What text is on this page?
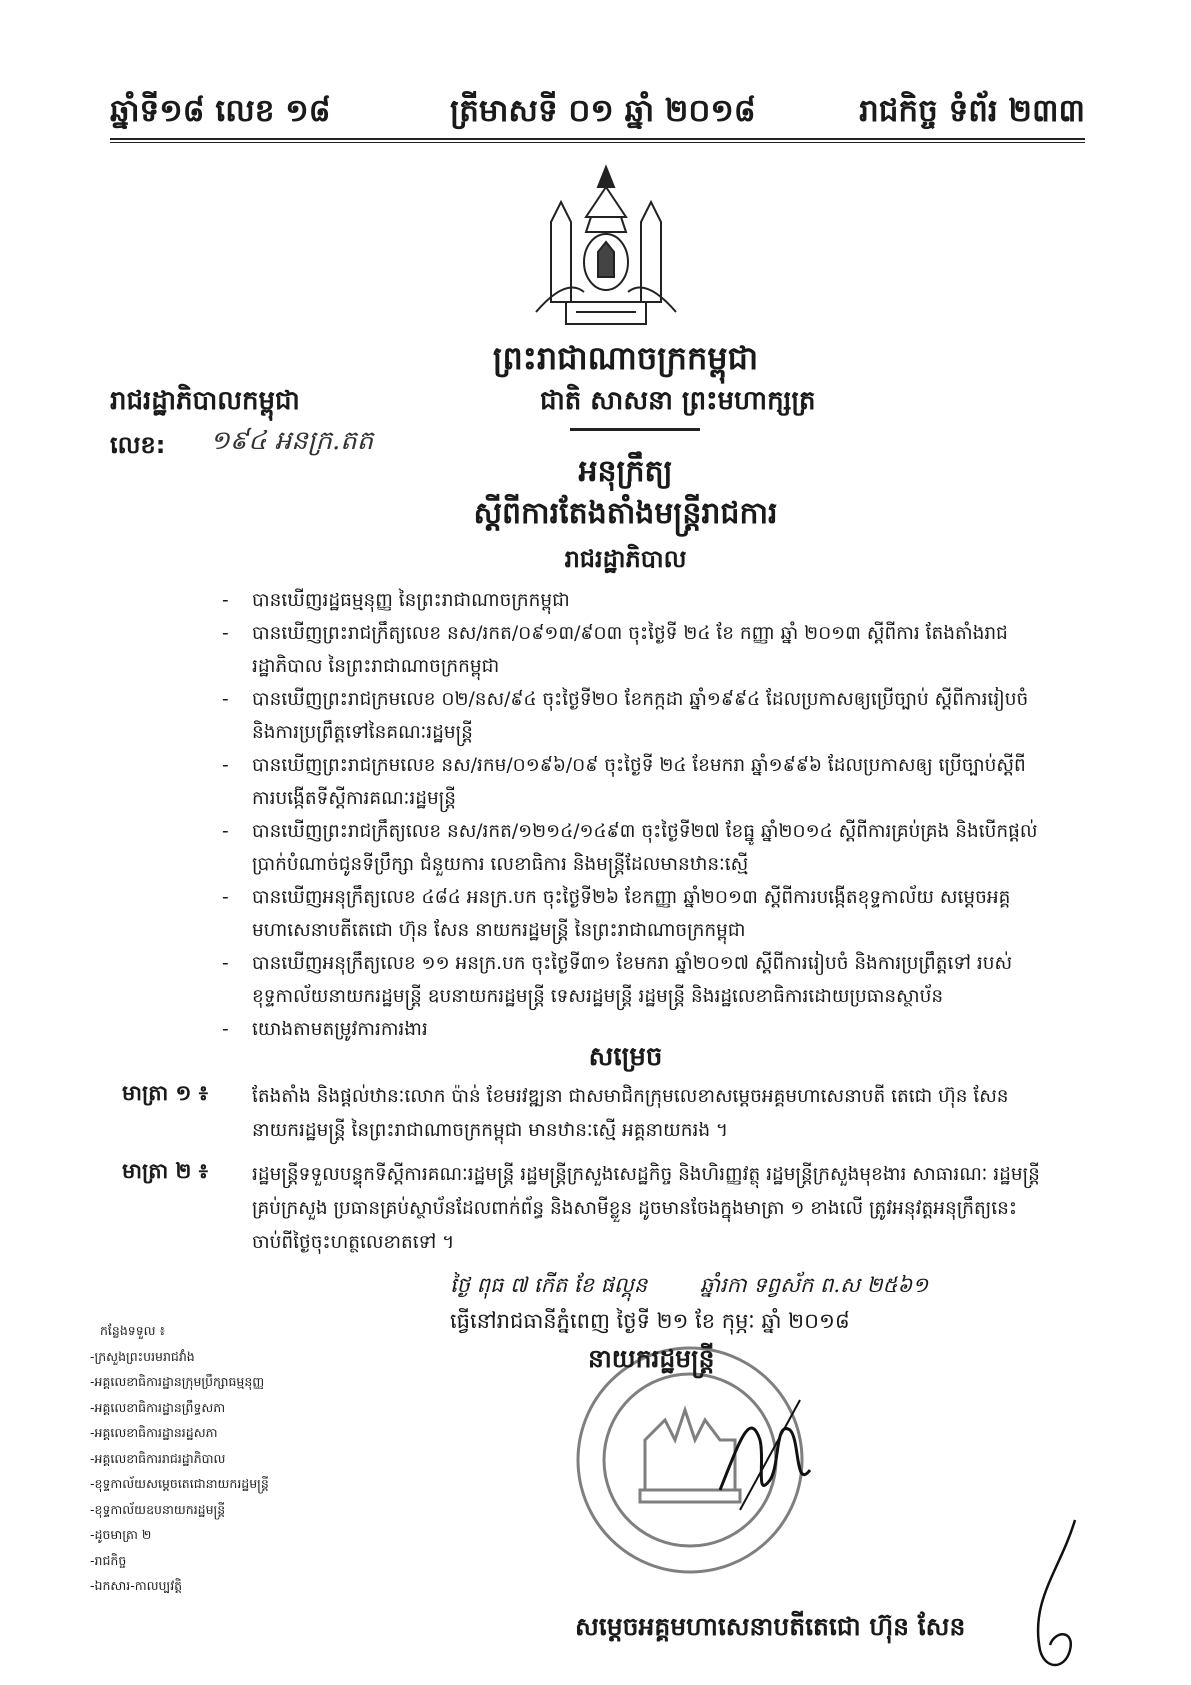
ឆ្នាំទី១៨ លេខ ១៨	ត្រីមាសទី ០១ ឆ្នាំ ២០១៨	រាជកិច្ច ទំព័រ ២៣៣
ព្រះរាជាណាចក្រកម្ពុជា
រាជរដ្ឋាភិបាលកម្ពុជា	ជាតិ សាសនា ព្រះមហាក្សត្រ
លេខ: ១៩៤ អនក្រ.តត
អនុក្រឹត្យ
ស្តីពីការតែងតាំងមន្ត្រីរាជការ
រាជរដ្ឋាភិបាល
- បានឃើញរដ្ឋធម្មនុញ្ញ នៃព្រះរាជាណាចក្រកម្ពុជា
- បានឃើញព្រះរាជក្រឹត្យលេខ នស/រកត/០៩១៣/៩០៣ ចុះថ្ងៃទី ២៤ ខែ កញ្ញា ឆ្នាំ ២០១៣ ស្តីពីការ តែងតាំងរាជរដ្ឋាភិបាល នៃព្រះរាជាណាចក្រកម្ពុជា
- បានឃើញព្រះរាជក្រមលេខ ០២/នស/៩៤ ចុះថ្ងៃទី២០ ខែកក្កដា ឆ្នាំ១៩៩៤ ដែលប្រកាសឲ្យប្រើច្បាប់ ស្តីពីការរៀបចំ និងការប្រព្រឹត្តទៅនៃគណៈរដ្ឋមន្ត្រី
- បានឃើញព្រះរាជក្រមលេខ នស/រកម/០១៩៦/០៩ ចុះថ្ងៃទី ២៤ ខែមករា ឆ្នាំ១៩៩៦ ដែលប្រកាសឲ្យ ប្រើច្បាប់ស្តីពីការបង្កើតទីស្តីការគណៈរដ្ឋមន្ត្រី
- បានឃើញព្រះរាជក្រឹត្យលេខ នស/រកត/១២១៤/១៤៩៣ ចុះថ្ងៃទី២៧ ខែធ្នូ ឆ្នាំ២០១៤ ស្តីពីការគ្រប់គ្រង និងបើកផ្តល់ប្រាក់បំណាច់ជូនទីប្រឹក្សា ជំនួយការ លេខាធិការ និងមន្ត្រីដែលមានឋានៈស្មើ
- បានឃើញអនុក្រឹត្យលេខ ៤៨៤ អនក្រ.បក ចុះថ្ងៃទី២៦ ខែកញ្ញា ឆ្នាំ២០១៣ ស្តីពីការបង្កើតខុទ្ទកាល័យ សម្តេចអគ្គមហាសេនាបតីតេជោ ហ៊ុន សែន នាយករដ្ឋមន្ត្រី នៃព្រះរាជាណាចក្រកម្ពុជា
- បានឃើញអនុក្រឹត្យលេខ ១១ អនក្រ.បក ចុះថ្ងៃទី៣១ ខែមករា ឆ្នាំ២០១៧ ស្តីពីការរៀបចំ និងការប្រព្រឹត្តទៅ របស់ខុទ្ទកាល័យនាយករដ្ឋមន្ត្រី ឧបនាយករដ្ឋមន្ត្រី ទេសរដ្ឋមន្ត្រី រដ្ឋមន្ត្រី និងរដ្ឋលេខាធិការដោយប្រធានស្ថាប័ន
- យោងតាមតម្រូវការការងារ
សម្រេច
មាត្រា ១ ៖ តែងតាំង និងផ្តល់ឋានៈលោក ប៉ាន់ ខែមរវឌ្ឍនា ជាសមាជិកក្រុមលេខាសម្តេចអគ្គមហាសេនាបតី តេជោ ហ៊ុន សែន នាយករដ្ឋមន្ត្រី នៃព្រះរាជាណាចក្រកម្ពុជា មានឋានៈស្មើ អគ្គនាយករង ។
មាត្រា ២ ៖ រដ្ឋមន្ត្រីទទួលបន្ទុកទីស្តីការគណៈរដ្ឋមន្ត្រី រដ្ឋមន្ត្រីក្រសួងសេដ្ឋកិច្ច និងហិរញ្ញវត្ថុ រដ្ឋមន្ត្រីក្រសួងមុខងារ សាធារណៈ រដ្ឋមន្ត្រីគ្រប់ក្រសួង ប្រធានគ្រប់ស្ថាប័នដែលពាក់ព័ន្ធ និងសាមីខ្លួន ដូចមានចែងក្នុងមាត្រា ១ ខាងលើ ត្រូវអនុវត្តអនុក្រឹត្យនេះ ចាប់ពីថ្ងៃចុះហត្ថលេខាតទៅ ។
ថ្ងៃ ពុធ ៧ កើត ខែ ផល្គុន	ឆ្នាំរកា ទព្វស័ក ព.ស ២៥៦១
ធ្វើនៅរាជធានីភ្នំពេញ ថ្ងៃទី ២១ ខែ កុម្ភៈ ឆ្នាំ ២០១៨
នាយករដ្ឋមន្ត្រី
សម្តេចអគ្គមហាសេនាបតីតេជោ ហ៊ុន សែន
កន្លែងទទួល ៖
-ក្រសួងព្រះបរមរាជវាំង
-អគ្គលេខាធិការដ្ឋានក្រុមប្រឹក្សាធម្មនុញ្ញ
-អគ្គលេខាធិការដ្ឋានព្រឹទ្ធសភា
-អគ្គលេខាធិការដ្ឋានរដ្ឋសភា
-អគ្គលេខាធិការរាជរដ្ឋាភិបាល
-ខុទ្ទកាល័យសម្តេចតេជោនាយករដ្ឋមន្ត្រី
-ខុទ្ទកាល័យឧបនាយករដ្ឋមន្ត្រី
-ដូចមាត្រា ២
-រាជកិច្ច
-ឯកសារ-កាលប្បវត្តិ
